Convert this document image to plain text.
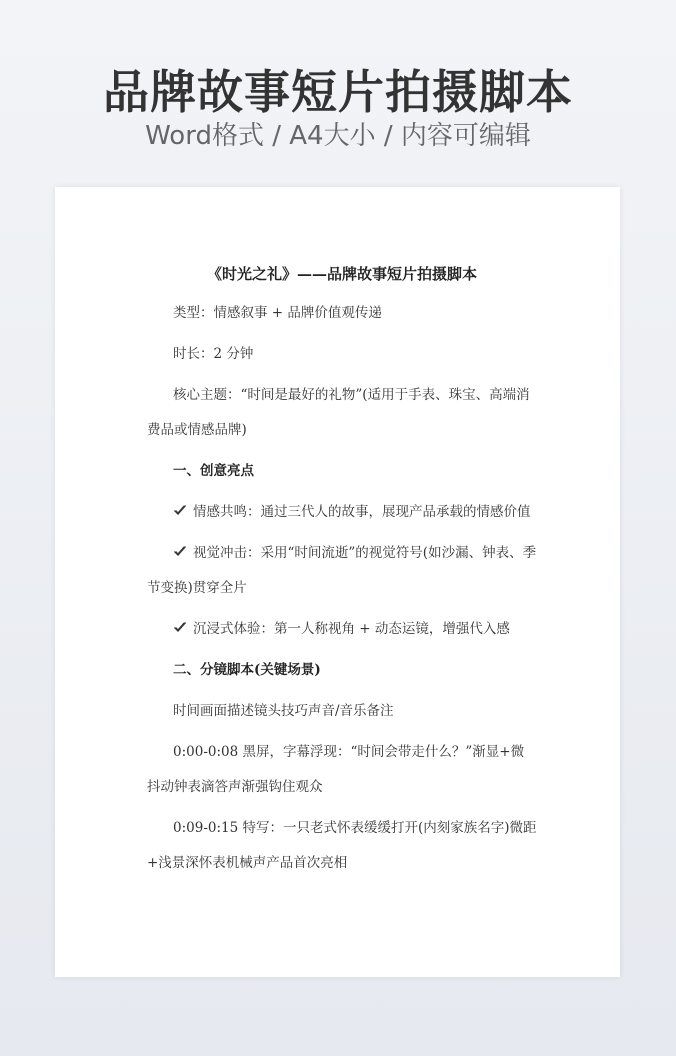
品牌故事短片拍摄脚本
Word格式 / A4大小 / 内容可编辑
《时光之礼》——品牌故事短片拍摄脚本

类型：情感叙事 + 品牌价值观传递

时长：2 分钟

核心主题：“时间是最好的礼物”(适用于手表、珠宝、高端消费品或情感品牌)

一、创意亮点

情感共鸣：通过三代人的故事，展现产品承载的情感价值

视觉冲击：采用“时间流逝”的视觉符号(如沙漏、钟表、季节变换)贯穿全片

沉浸式体验：第一人称视角 + 动态运镜，增强代入感

二、分镜脚本(关键场景)

时间画面描述镜头技巧声音/音乐备注

0:00-0:08 黑屏，字幕浮现：“时间会带走什么？”渐显+微抖动钟表滴答声渐强钩住观众

0:09-0:15 特写：一只老式怀表缓缓打开(内刻家族名字)微距+浅景深怀表机械声产品首次亮相
